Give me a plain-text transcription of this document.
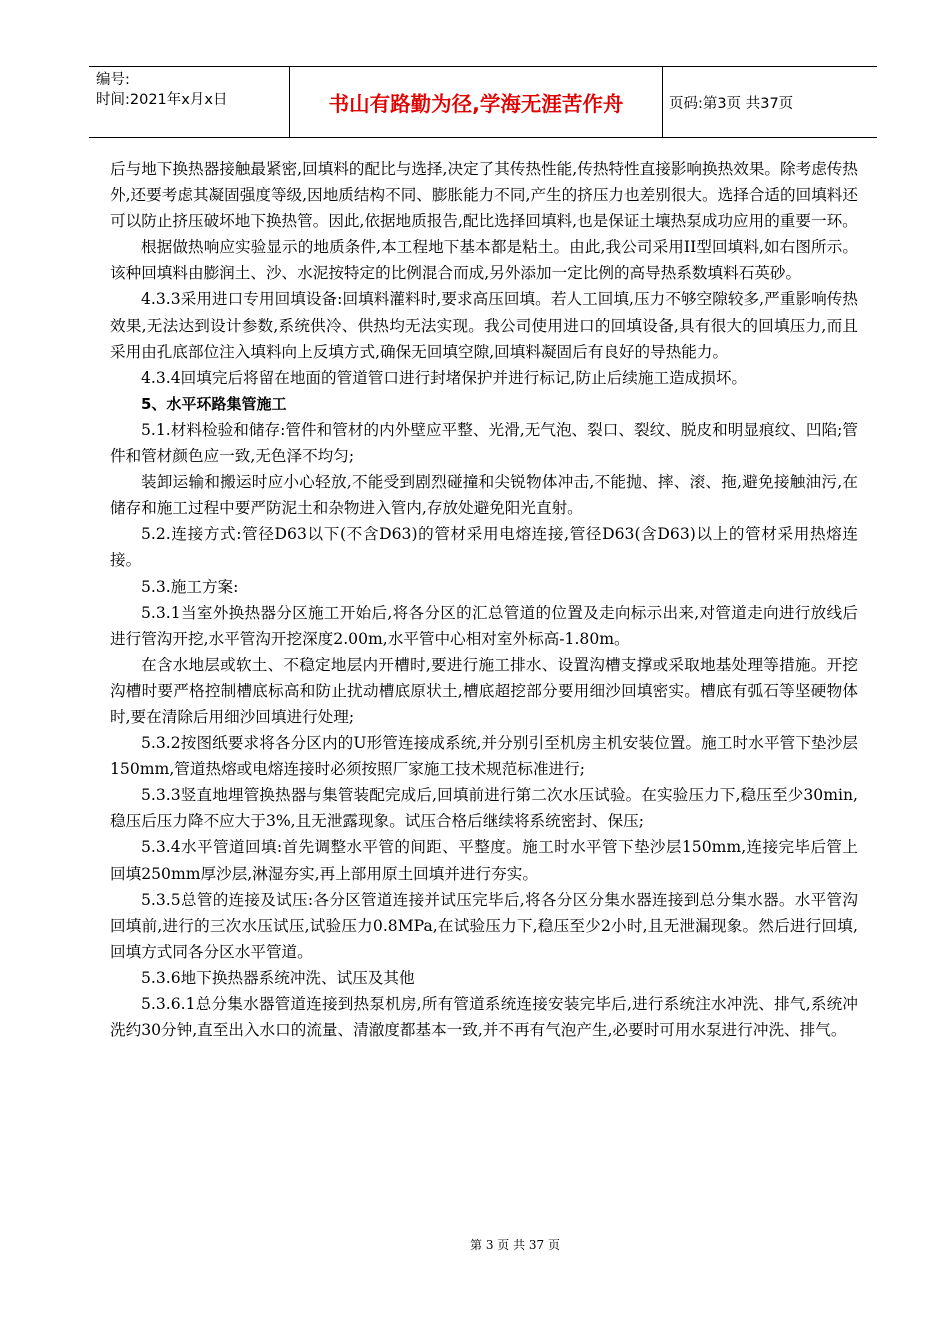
编号:
时间:2021年x月x日	书山有路勤为径,学海无涯苦作舟	页码:第3页 共37页

后与地下换热器接触最紧密,回填料的配比与选择,决定了其传热性能,传热特性直接影响换热效果。除考虑传热外,还要考虑其凝固强度等级,因地质结构不同、膨胀能力不同,产生的挤压力也差别很大。选择合适的回填料还可以防止挤压破坏地下换热管。因此,依据地质报告,配比选择回填料,也是保证土壤热泵成功应用的重要一环。

根据做热响应实验显示的地质条件,本工程地下基本都是粘土。由此,我公司采用II型回填料,如右图所示。该种回填料由膨润土、沙、水泥按特定的比例混合而成,另外添加一定比例的高导热系数填料石英砂。

4.3.3采用进口专用回填设备:回填料灌料时,要求高压回填。若人工回填,压力不够空隙较多,严重影响传热效果,无法达到设计参数,系统供冷、供热均无法实现。我公司使用进口的回填设备,具有很大的回填压力,而且采用由孔底部位注入填料向上反填方式,确保无回填空隙,回填料凝固后有良好的导热能力。

4.3.4回填完后将留在地面的管道管口进行封堵保护并进行标记,防止后续施工造成损坏。

5、水平环路集管施工

5.1.材料检验和储存:管件和管材的内外壁应平整、光滑,无气泡、裂口、裂纹、脱皮和明显痕纹、凹陷;管件和管材颜色应一致,无色泽不均匀;

装卸运输和搬运时应小心轻放,不能受到剧烈碰撞和尖锐物体冲击,不能抛、摔、滚、拖,避免接触油污,在储存和施工过程中要严防泥土和杂物进入管内,存放处避免阳光直射。

5.2.连接方式:管径D63以下(不含D63)的管材采用电熔连接,管径D63(含D63)以上的管材采用热熔连接。

5.3.施工方案:

5.3.1当室外换热器分区施工开始后,将各分区的汇总管道的位置及走向标示出来,对管道走向进行放线后进行管沟开挖,水平管沟开挖深度2.00m,水平管中心相对室外标高-1.80m。

在含水地层或软土、不稳定地层内开槽时,要进行施工排水、设置沟槽支撑或采取地基处理等措施。开挖沟槽时要严格控制槽底标高和防止扰动槽底原状土,槽底超挖部分要用细沙回填密实。槽底有弧石等坚硬物体时,要在清除后用细沙回填进行处理;

5.3.2按图纸要求将各分区内的U形管连接成系统,并分别引至机房主机安装位置。施工时水平管下垫沙层150mm,管道热熔或电熔连接时必须按照厂家施工技术规范标准进行;

5.3.3竖直地埋管换热器与集管装配完成后,回填前进行第二次水压试验。在实验压力下,稳压至少30min,稳压后压力降不应大于3%,且无泄露现象。试压合格后继续将系统密封、保压;

5.3.4水平管道回填:首先调整水平管的间距、平整度。施工时水平管下垫沙层150mm,连接完毕后管上回填250mm厚沙层,淋湿夯实,再上部用原土回填并进行夯实。

5.3.5总管的连接及试压:各分区管道连接并试压完毕后,将各分区分集水器连接到总分集水器。水平管沟回填前,进行的三次水压试压,试验压力0.8MPa,在试验压力下,稳压至少2小时,且无泄漏现象。然后进行回填,回填方式同各分区水平管道。

5.3.6地下换热器系统冲洗、试压及其他

5.3.6.1总分集水器管道连接到热泵机房,所有管道系统连接安装完毕后,进行系统注水冲洗、排气,系统冲洗约30分钟,直至出入水口的流量、清澈度都基本一致,并不再有气泡产生,必要时可用水泵进行冲洗、排气。

第 3 页 共 37 页
